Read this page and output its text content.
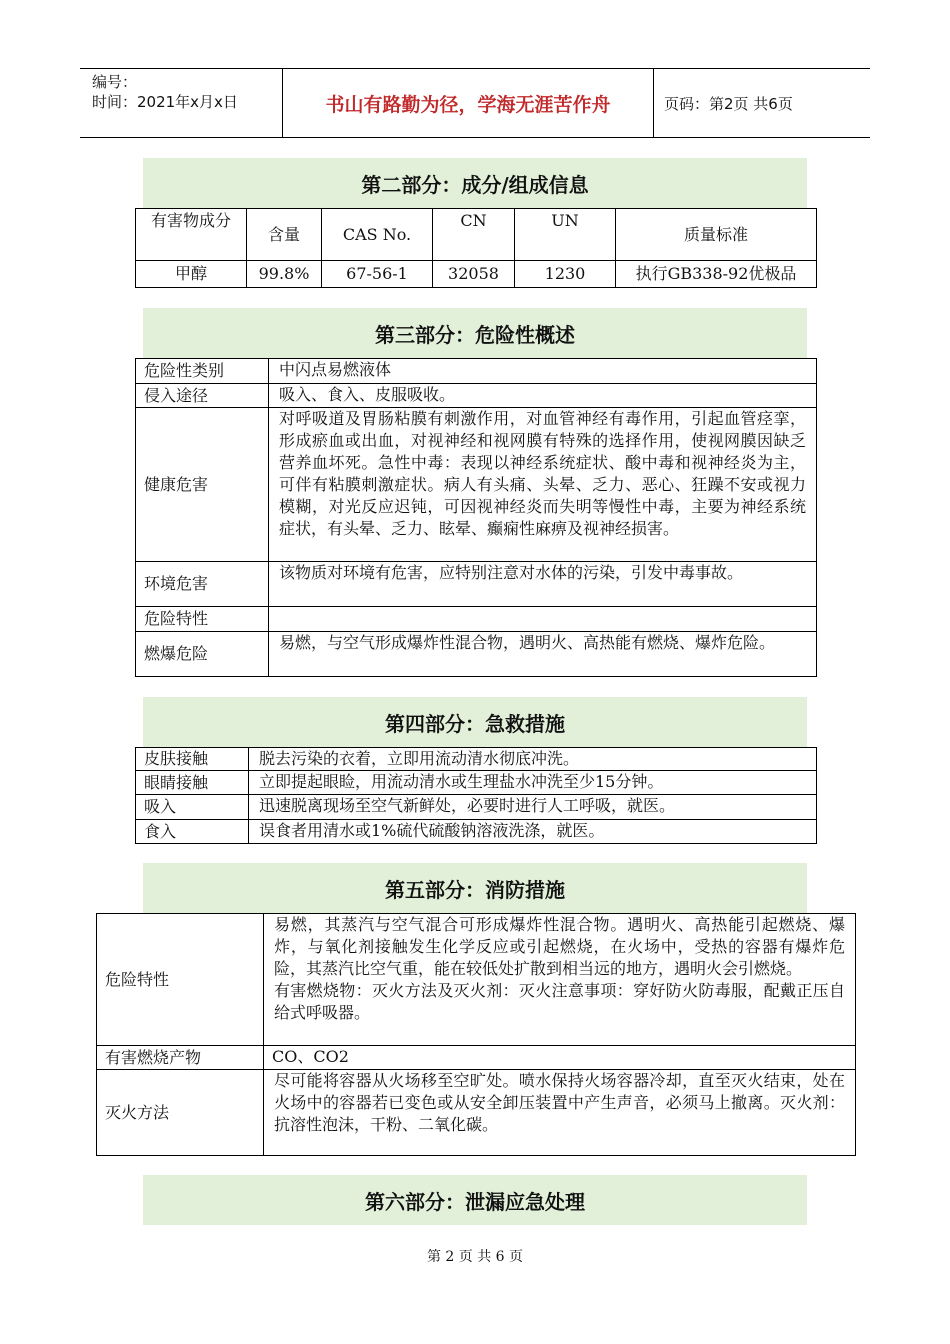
编号：
时间：2021年x月x日	书山有路勤为径，学海无涯苦作舟	页码：第2页 共6页
第二部分：成分/组成信息
有害物成分	含量	CAS No.	CN	UN	质量标准
甲醇	99.8%	67-56-1	32058	1230	执行GB338-92优极品
第三部分：危险性概述
危险性类别	中闪点易燃液体
侵入途径	吸入、食入、皮服吸收。
健康危害	对呼吸道及胃肠粘膜有刺激作用，对血管神经有毒作用，引起血管痉挛，形成瘀血或出血，对视神经和视网膜有特殊的选择作用，使视网膜因缺乏营养血坏死。急性中毒：表现以神经系统症状、酸中毒和视神经炎为主，可伴有粘膜刺激症状。病人有头痛、头晕、乏力、恶心、狂躁不安或视力模糊，对光反应迟钝，可因视神经炎而失明等慢性中毒，主要为神经系统症状，有头晕、乏力、眩晕、癫痫性麻痹及视神经损害。
环境危害	该物质对环境有危害，应特别注意对水体的污染，引发中毒事故。
危险特性	
燃爆危险	易燃，与空气形成爆炸性混合物，遇明火、高热能有燃烧、爆炸危险。
第四部分：急救措施
皮肤接触	脱去污染的衣着，立即用流动清水彻底冲洗。
眼睛接触	立即提起眼睑，用流动清水或生理盐水冲洗至少15分钟。
吸入	迅速脱离现场至空气新鲜处，必要时进行人工呼吸，就医。
食入	误食者用清水或1%硫代硫酸钠溶液洗涤，就医。
第五部分：消防措施
危险特性	易燃，其蒸汽与空气混合可形成爆炸性混合物。遇明火、高热能引起燃烧、爆炸，与氧化剂接触发生化学反应或引起燃烧，在火场中，受热的容器有爆炸危险，其蒸汽比空气重，能在较低处扩散到相当远的地方，遇明火会引燃烧。
有害燃烧物：灭火方法及灭火剂：灭火注意事项：穿好防火防毒服，配戴正压自给式呼吸器。

有害燃烧产物	CO、CO2
灭火方法	尽可能将容器从火场移至空旷处。喷水保持火场容器冷却，直至灭火结束，处在火场中的容器若已变色或从安全卸压装置中产生声音，必须马上撤离。灭火剂：抗溶性泡沫，干粉、二氧化碳。
第六部分：泄漏应急处理
第 2 页 共 6 页
